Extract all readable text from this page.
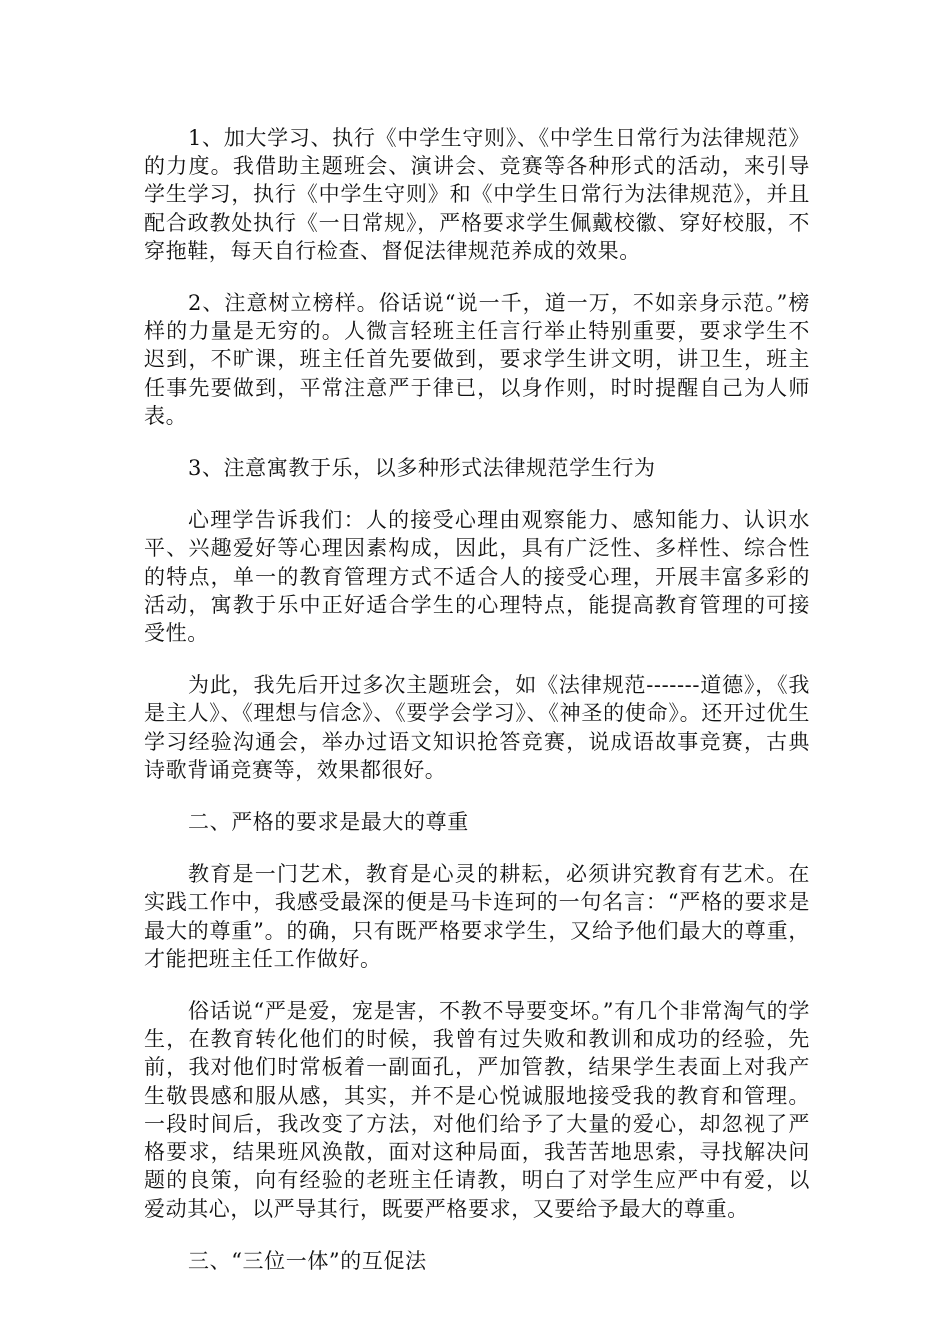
1、加大学习、执行《中学生守则》、《中学生日常行为法律规范》的力度。我借助主题班会、演讲会、竞赛等各种形式的活动，来引导学生学习，执行《中学生守则》和《中学生日常行为法律规范》，并且配合政教处执行《一日常规》，严格要求学生佩戴校徽、穿好校服，不穿拖鞋，每天自行检查、督促法律规范养成的效果。

2、注意树立榜样。俗话说“说一千，道一万，不如亲身示范。”榜样的力量是无穷的。人微言轻班主任言行举止特别重要，要求学生不迟到，不旷课，班主任首先要做到，要求学生讲文明，讲卫生，班主任事先要做到，平常注意严于律已，以身作则，时时提醒自己为人师表。

3、注意寓教于乐，以多种形式法律规范学生行为

心理学告诉我们：人的接受心理由观察能力、感知能力、认识水平、兴趣爱好等心理因素构成，因此，具有广泛性、多样性、综合性的特点，单一的教育管理方式不适合人的接受心理，开展丰富多彩的活动，寓教于乐中正好适合学生的心理特点，能提高教育管理的可接受性。

为此，我先后开过多次主题班会，如《法律规范-------道德》，《我是主人》、《理想与信念》、《要学会学习》、《神圣的使命》。还开过优生学习经验沟通会，举办过语文知识抢答竞赛，说成语故事竞赛，古典诗歌背诵竞赛等，效果都很好。

二、严格的要求是最大的尊重

教育是一门艺术，教育是心灵的耕耘，必须讲究教育有艺术。在实践工作中，我感受最深的便是马卡连珂的一句名言：“严格的要求是最大的尊重”。的确，只有既严格要求学生，又给予他们最大的尊重，才能把班主任工作做好。

俗话说“严是爱，宠是害，不教不导要变坏。”有几个非常淘气的学生，在教育转化他们的时候，我曾有过失败和教训和成功的经验，先前，我对他们时常板着一副面孔，严加管教，结果学生表面上对我产生敬畏感和服从感，其实，并不是心悦诚服地接受我的教育和管理。一段时间后，我改变了方法，对他们给予了大量的爱心，却忽视了严格要求，结果班风涣散，面对这种局面，我苦苦地思索，寻找解决问题的良策，向有经验的老班主任请教，明白了对学生应严中有爱，以爱动其心，以严导其行，既要严格要求，又要给予最大的尊重。

三、“三位一体”的互促法
